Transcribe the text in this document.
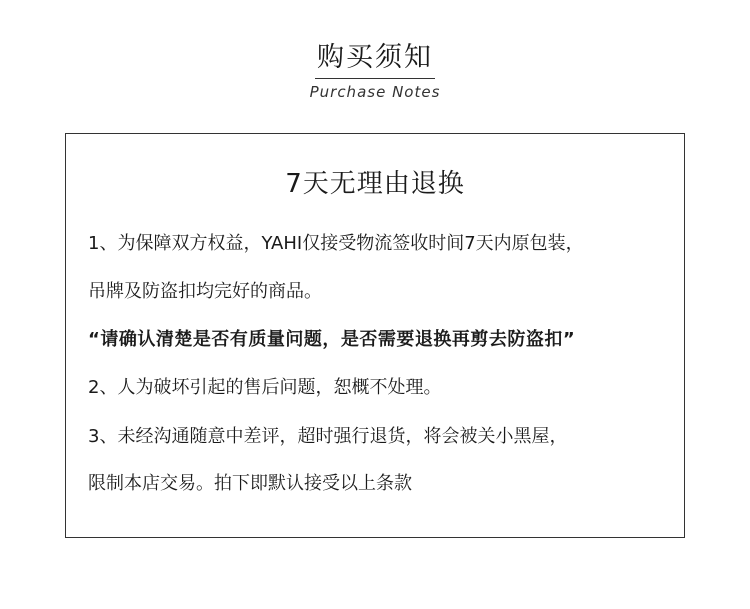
购买须知
Purchase Notes
7天无理由退换
1、为保障双方权益，YAHI仅接受物流签收时间7天内原包装，
吊牌及防盗扣均完好的商品。
“请确认清楚是否有质量问题，是否需要退换再剪去防盗扣”
2、人为破坏引起的售后问题，恕概不处理。
3、未经沟通随意中差评，超时强行退货，将会被关小黑屋，
限制本店交易。拍下即默认接受以上条款
